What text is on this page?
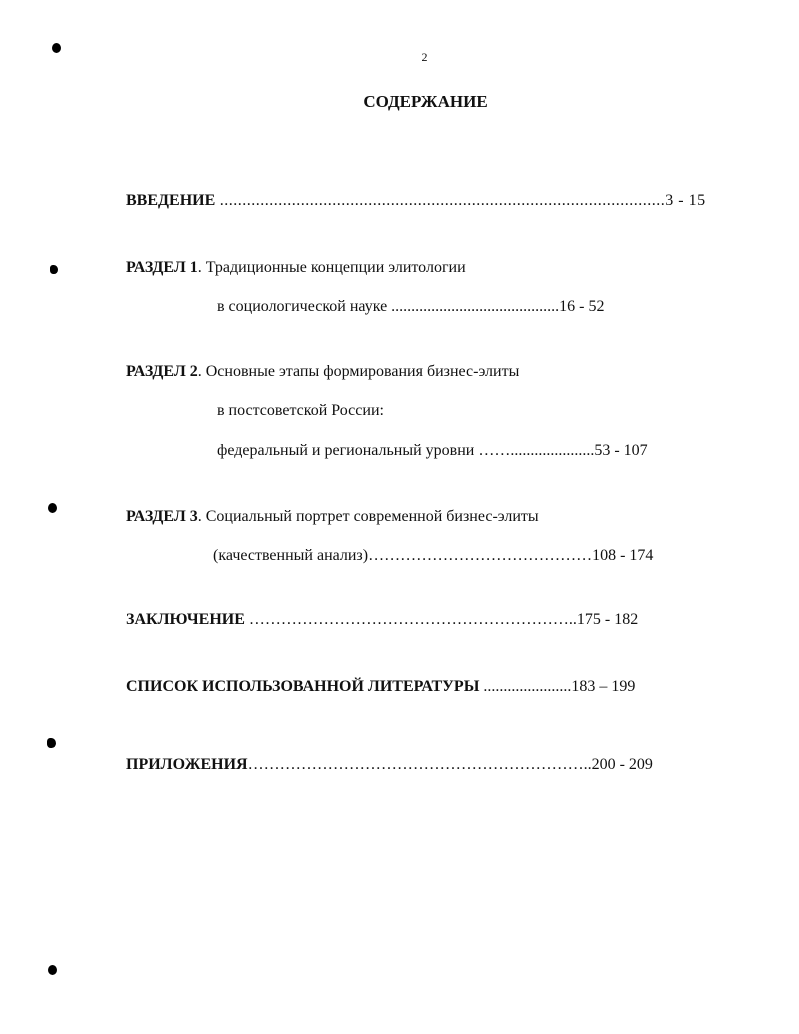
2
СОДЕРЖАНИЕ
ВВЕДЕНИЕ ...................................................................................................3 - 15
РАЗДЕЛ 1. Традиционные концепции элитологии
в социологической науке ..........................................16 - 52
РАЗДЕЛ 2. Основные этапы формирования бизнес-элиты
в постсоветской России:
федеральный и региональный уровни …….....................53 - 107
РАЗДЕЛ 3. Социальный портрет современной бизнес-элиты
(качественный анализ)……………………………………108 - 174
ЗАКЛЮЧЕНИЕ ……………………………………………………..175 - 182
СПИСОК ИСПОЛЬЗОВАННОЙ ЛИТЕРАТУРЫ ......................183 – 199
ПРИЛОЖЕНИЯ………………………………………………………..200 - 209
